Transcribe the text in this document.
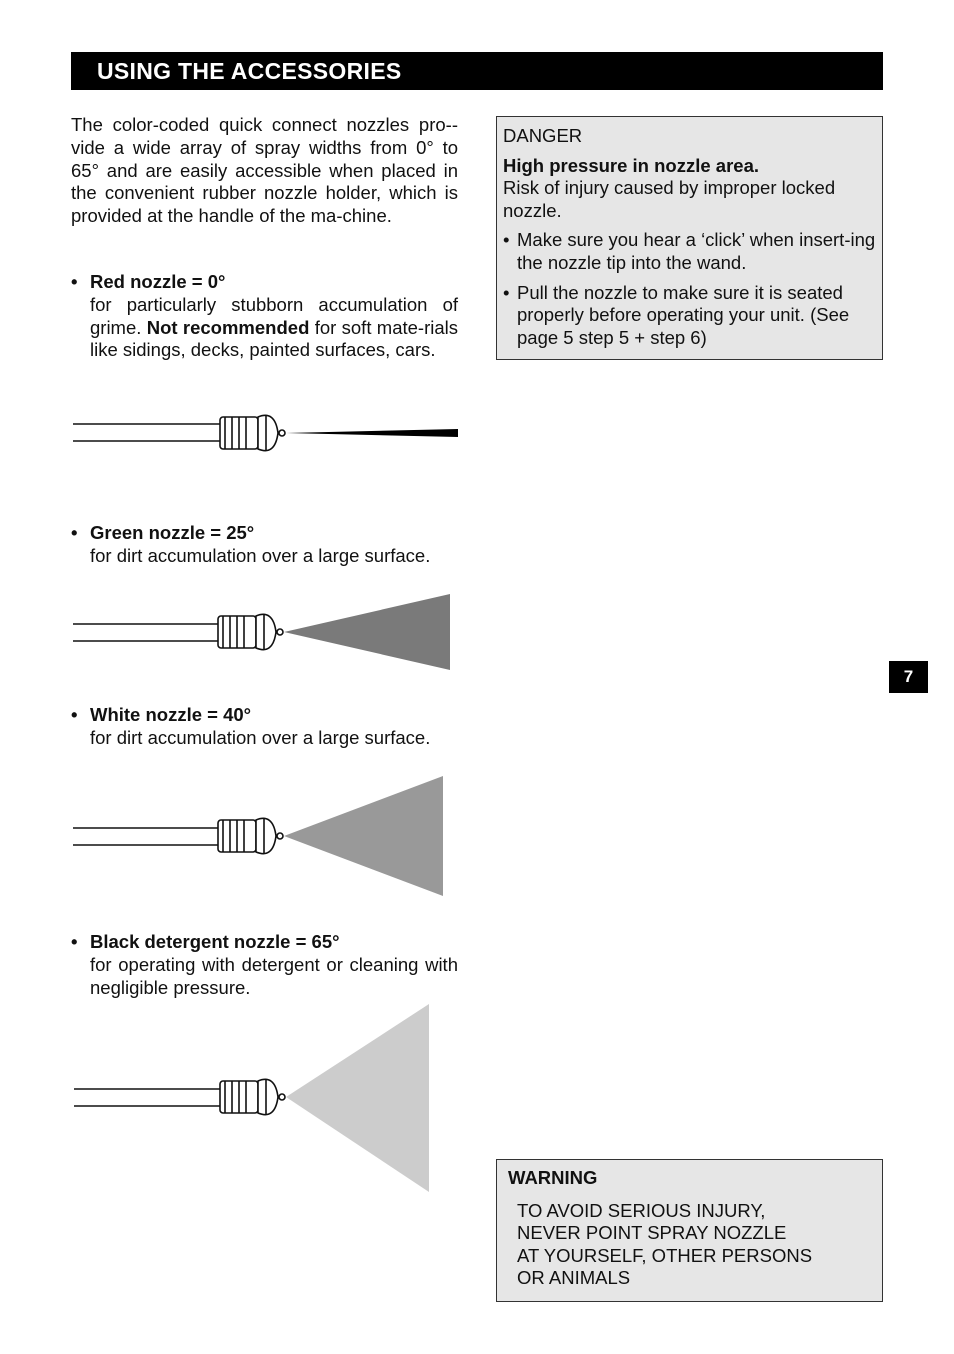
USING THE ACCESSORIES

The color-coded quick connect nozzles pro-vide a wide array of spray widths from 0° to 65° and are easily accessible when placed in the convenient rubber nozzle holder, which is provided at the handle of the ma-chine.

• Red nozzle = 0°

for particularly stubborn accumulation of grime. Not recommended for soft mate-rials like sidings, decks, painted surfaces, cars.

• Green nozzle = 25°

for dirt accumulation over a large surface.

• White nozzle = 40°

for dirt accumulation over a large surface.

• Black detergent nozzle = 65°

for operating with detergent or cleaning with negligible pressure.

DANGER

High pressure in nozzle area.
Risk of injury caused by improper locked nozzle.
• Make sure you hear a ‘click’ when insert-ing the nozzle tip into the wand.
• Pull the nozzle to make sure it is seated properly before operating your unit. (See page 5 step 5 + step 6)
7
WARNING
TO AVOID SERIOUS INJURY,
NEVER POINT SPRAY NOZZLE
AT YOURSELF, OTHER PERSONS
OR ANIMALS
